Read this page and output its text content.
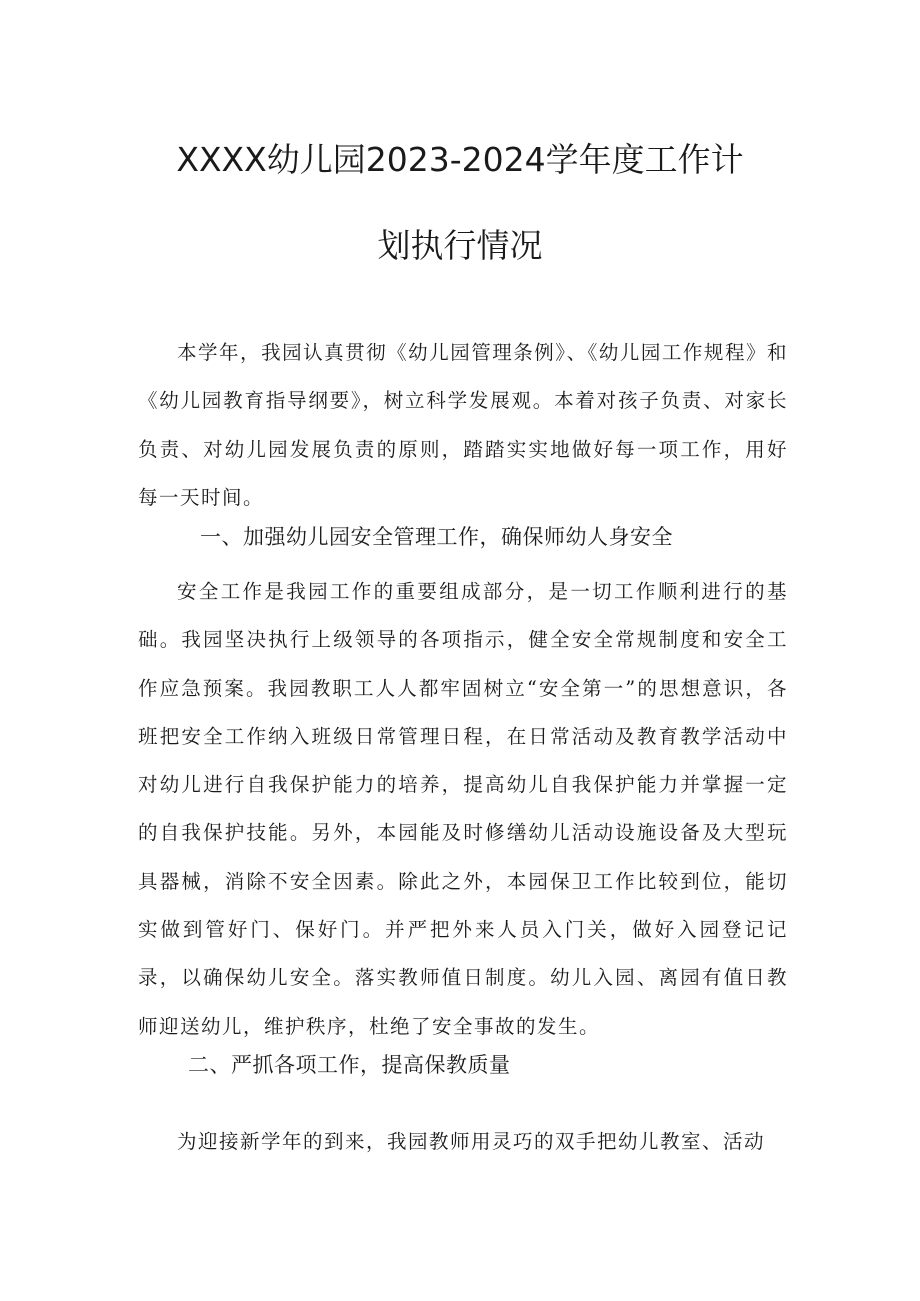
XXXX幼儿园2023-2024学年度工作计
划执行情况

本学年，我园认真贯彻《幼儿园管理条例》、《幼儿园工作规程》和《幼儿园教育指导纲要》，树立科学发展观。本着对孩子负责、对家长负责、对幼儿园发展负责的原则，踏踏实实地做好每一项工作，用好每一天时间。

一、加强幼儿园安全管理工作，确保师幼人身安全

安全工作是我园工作的重要组成部分，是一切工作顺利进行的基础。我园坚决执行上级领导的各项指示，健全安全常规制度和安全工作应急预案。我园教职工人人都牢固树立“安全第一”的思想意识，各班把安全工作纳入班级日常管理日程，在日常活动及教育教学活动中对幼儿进行自我保护能力的培养，提高幼儿自我保护能力并掌握一定的自我保护技能。另外，本园能及时修缮幼儿活动设施设备及大型玩具器械，消除不安全因素。除此之外，本园保卫工作比较到位，能切实做到管好门、保好门。并严把外来人员入门关，做好入园登记记录，以确保幼儿安全。落实教师值日制度。幼儿入园、离园有值日教师迎送幼儿，维护秩序，杜绝了安全事故的发生。

二、严抓各项工作，提高保教质量

为迎接新学年的到来，我园教师用灵巧的双手把幼儿教室、活动
